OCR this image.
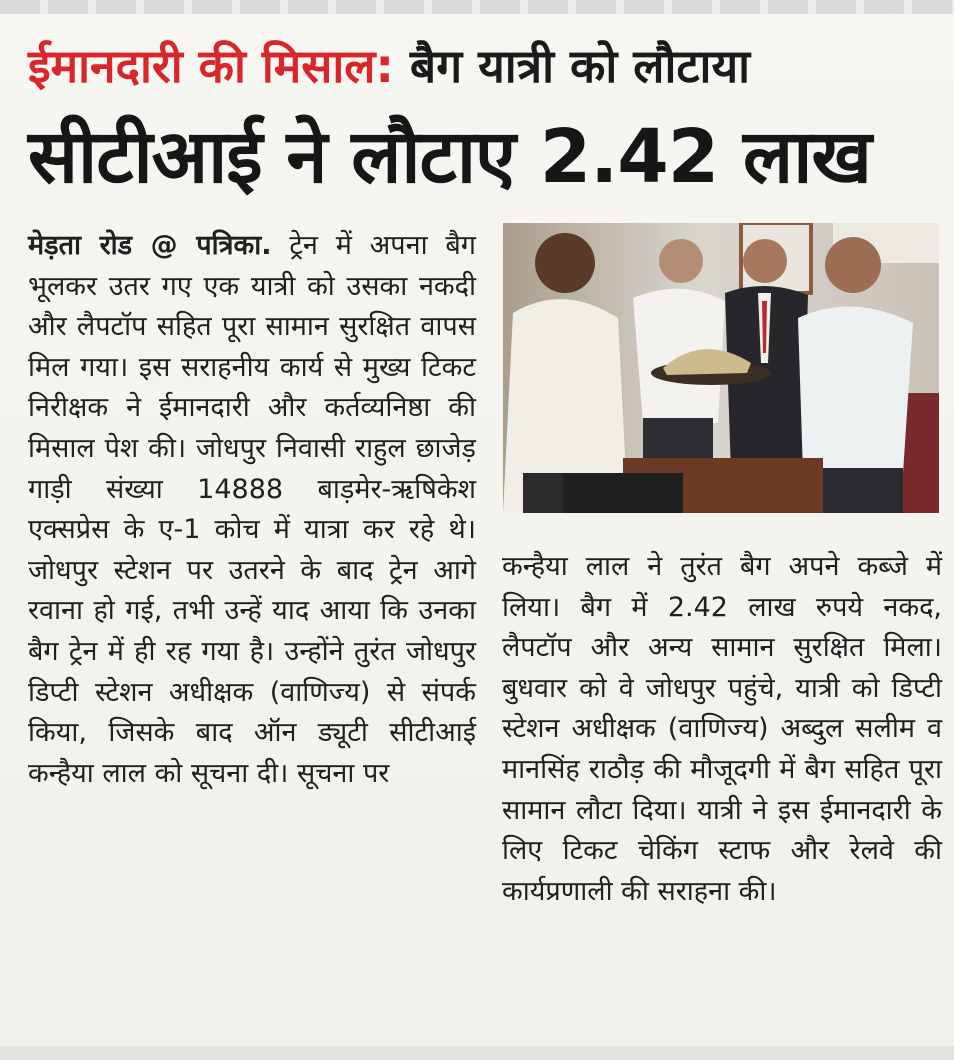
ईमानदारी की मिसाल: बैग यात्री को लौटाया
सीटीआई ने लौटाए 2.42 लाख
मेड़ता रोड @ पत्रिका. ट्रेन में अपना बैग भूलकर उतर गए एक यात्री को उसका नकदी और लैपटॉप सहित पूरा सामान सुरक्षित वापस मिल गया। इस सराहनीय कार्य से मुख्य टिकट निरीक्षक ने ईमानदारी और कर्तव्यनिष्ठा की मिसाल पेश की। जोधपुर निवासी राहुल छाजेड़ गाड़ी संख्या 14888 बाड़मेर-ऋषिकेश एक्सप्रेस के ए-1 कोच में यात्रा कर रहे थे। जोधपुर स्टेशन पर उतरने के बाद ट्रेन आगे रवाना हो गई, तभी उन्हें याद आया कि उनका बैग ट्रेन में ही रह गया है। उन्होंने तुरंत जोधपुर डिप्टी स्टेशन अधीक्षक (वाणिज्य) से संपर्क किया, जिसके बाद ऑन ड्यूटी सीटीआई कन्हैया लाल को सूचना दी। सूचना पर
कन्हैया लाल ने तुरंत बैग अपने कब्जे में लिया। बैग में 2.42 लाख रुपये नकद, लैपटॉप और अन्य सामान सुरक्षित मिला। बुधवार को वे जोधपुर पहुंचे, यात्री को डिप्टी स्टेशन अधीक्षक (वाणिज्य) अब्दुल सलीम व मानसिंह राठौड़ की मौजूदगी में बैग सहित पूरा सामान लौटा दिया। यात्री ने इस ईमानदारी के लिए टिकट चेकिंग स्टाफ और रेलवे की कार्यप्रणाली की सराहना की।
